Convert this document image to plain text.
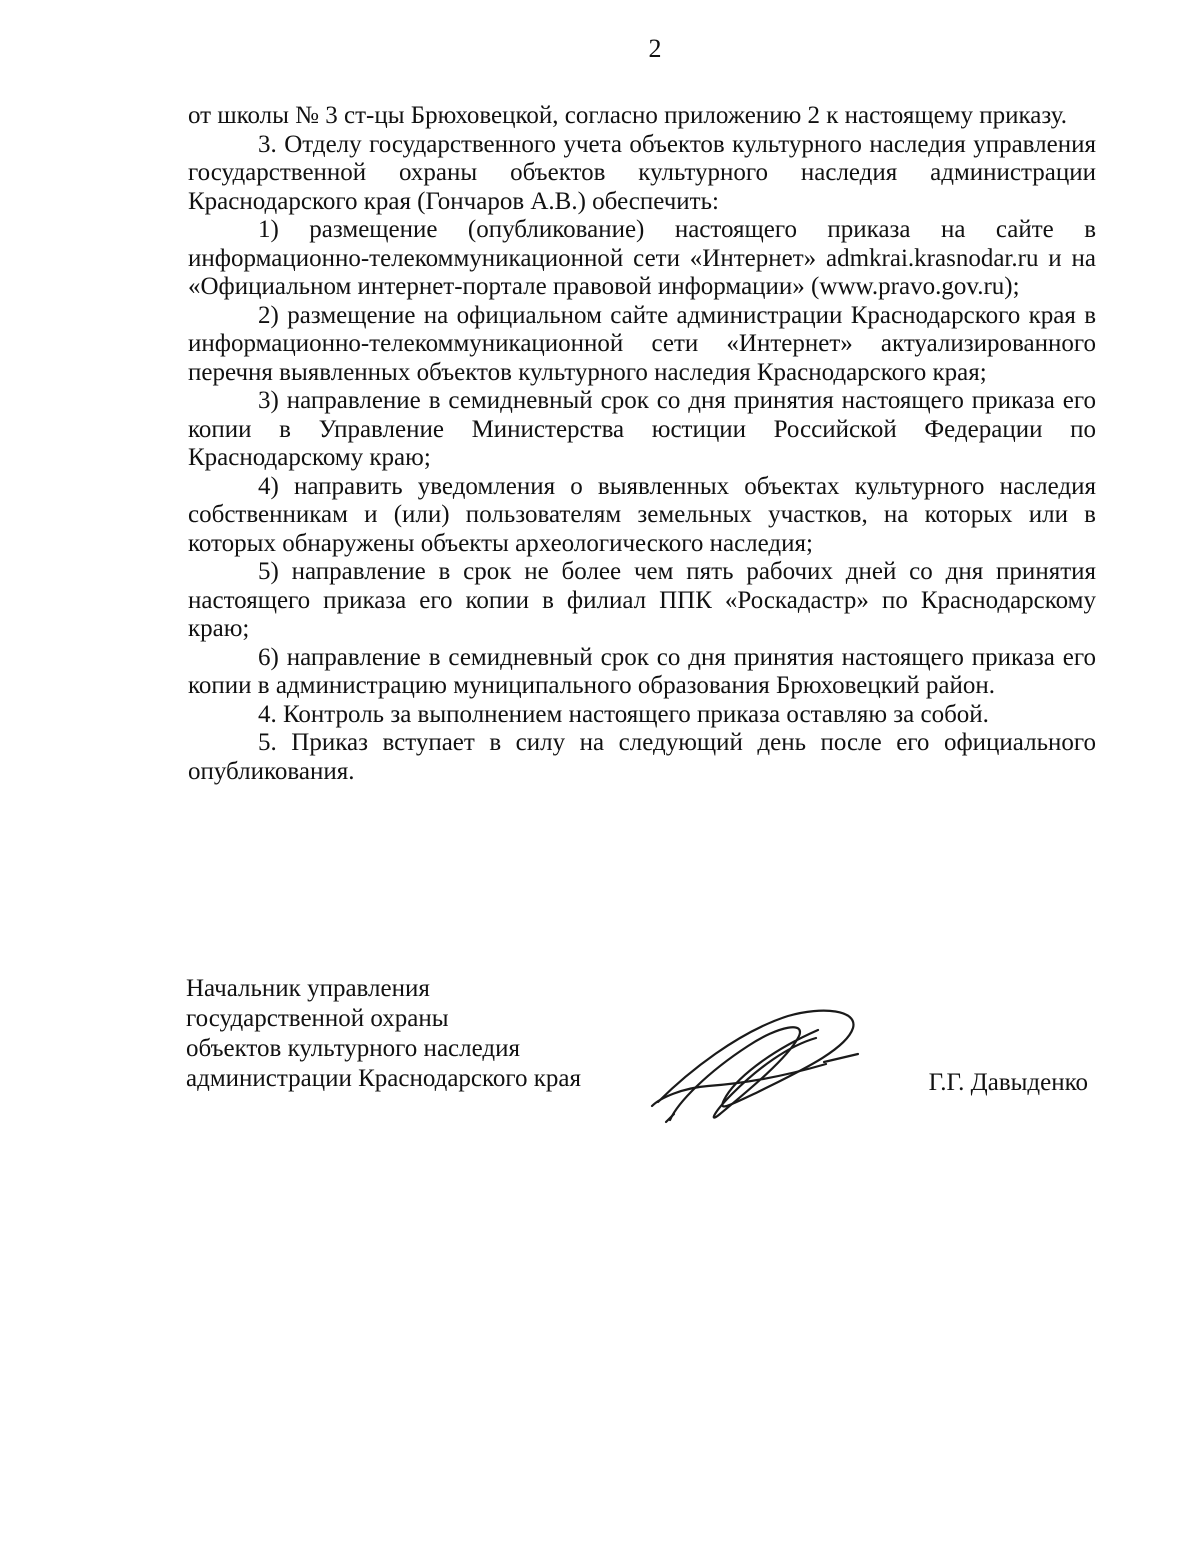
2

от школы № 3 ст-цы Брюховецкой, согласно приложению 2 к настоящему приказу.

3. Отделу государственного учета объектов культурного наследия управления государственной охраны объектов культурного наследия администрации Краснодарского края (Гончаров А.В.) обеспечить:

1) размещение (опубликование) настоящего приказа на сайте в информационно-телекоммуникационной сети «Интернет» admkrai.krasnodar.ru и на «Официальном интернет-портале правовой информации» (www.pravo.gov.ru);

2) размещение на официальном сайте администрации Краснодарского края в информационно-телекоммуникационной сети «Интернет» актуализированного перечня выявленных объектов культурного наследия Краснодарского края;

3) направление в семидневный срок со дня принятия настоящего приказа его копии в Управление Министерства юстиции Российской Федерации по Краснодарскому краю;

4) направить уведомления о выявленных объектах культурного наследия собственникам и (или) пользователям земельных участков, на которых или в которых обнаружены объекты археологического наследия;

5) направление в срок не более чем пять рабочих дней со дня принятия настоящего приказа его копии в филиал ППК «Роскадастр» по Краснодарскому краю;

6) направление в семидневный срок со дня принятия настоящего приказа его копии в администрацию муниципального образования Брюховецкий район.

4. Контроль за выполнением настоящего приказа оставляю за собой.

5. Приказ вступает в силу на следующий день после его официального опубликования.

Начальник управления
государственной охраны
объектов культурного наследия
администрации Краснодарского края	Г.Г. Давыденко
